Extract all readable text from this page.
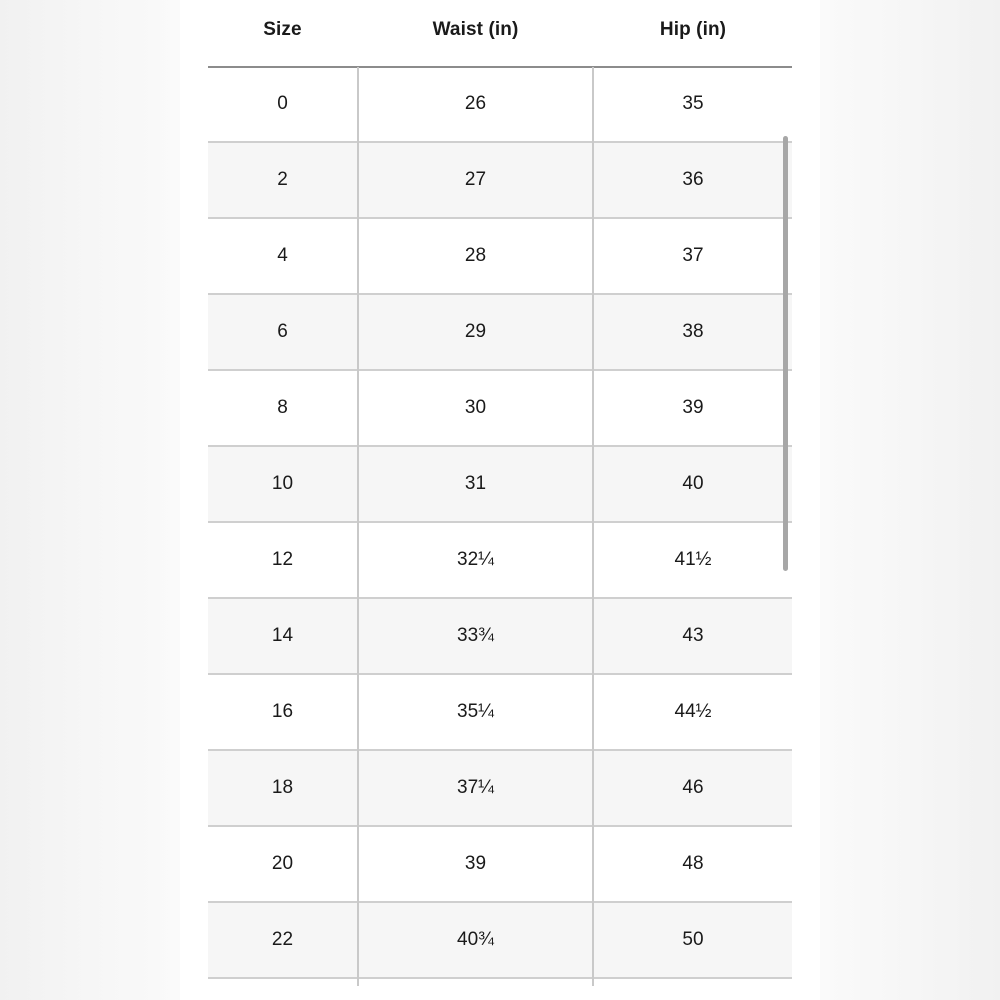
Size	Waist (in)	Hip (in)
0	26	35
2	27	36
4	28	37
6	29	38
8	30	39
10	31	40
12	32¼	41½
14	33¾	43
16	35¼	44½
18	37¼	46
20	39	48
22	40¾	50
